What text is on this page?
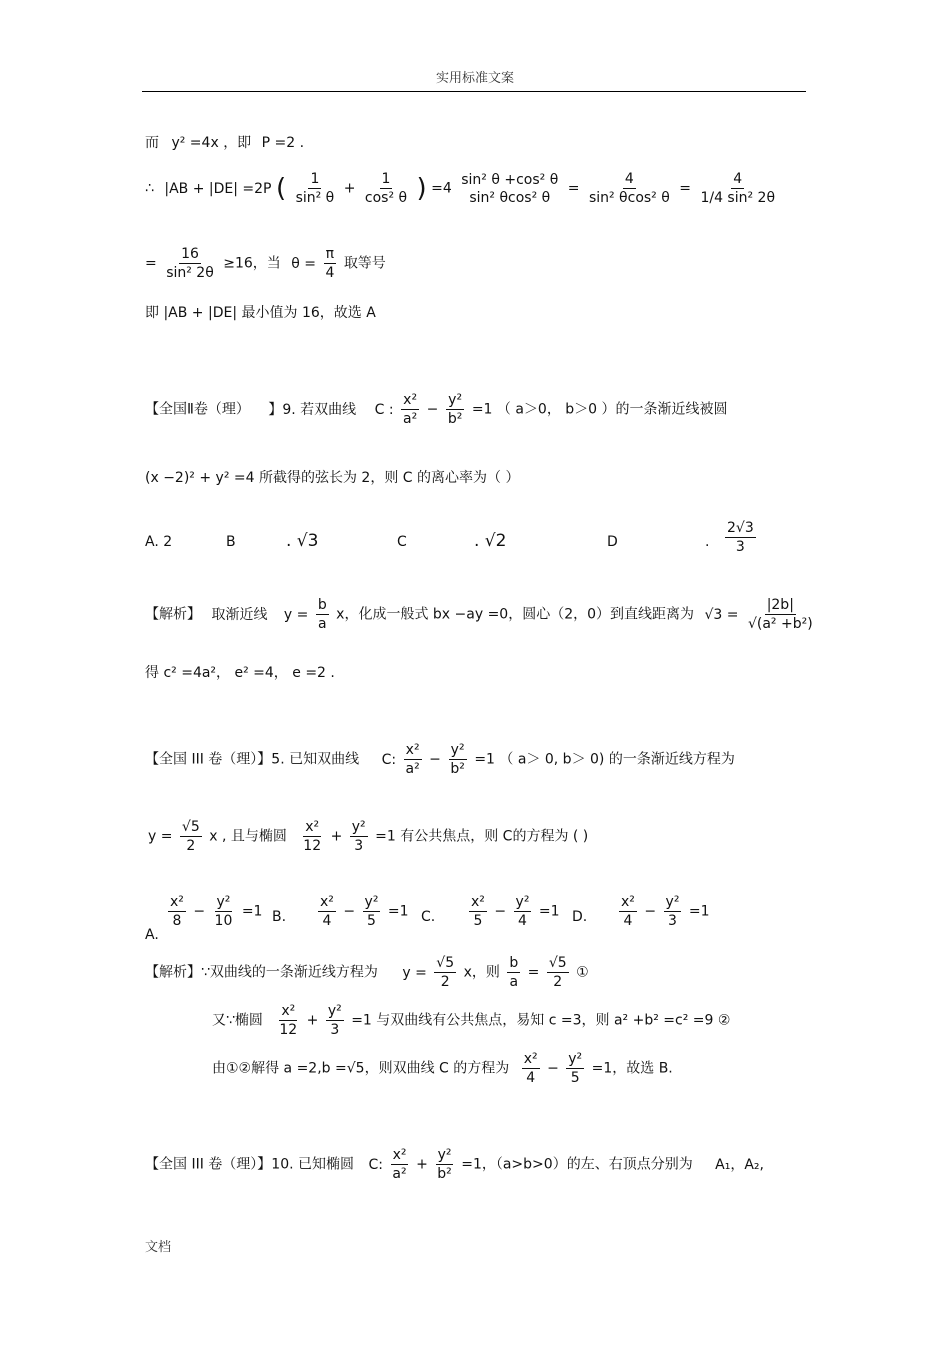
实用标准文案
而 y² =4x ，即 P =2 .
∴ |AB + |DE| =2P ( $\frac{1}{\text{sin² θ}} + \frac{1}{\text{cos² θ}}$ ) =4
sin² θ +cos² θ
sin² θcos² θ
= $\frac{4}{\text{sin² θcos² θ}} = \frac{4}{\text{1/4 sin² 2θ}}$
= $\frac{16}{\text{sin² 2θ}} \ge 16$，当 $\theta = \frac{\pi}{4}$ 取等号
即 |AB + |DE| 最小值为 16，故选 A
【全国Ⅱ卷（理） 】9. 若双曲线 C : $\frac{\text{x²}}{\text{a²}} - \frac{\text{y²}}{\text{b²}} =1$ （ a＞0， b＞0 ）的一条渐近线被圆
(x −2)² + y² =4 所截得的弦长为 2，则 C 的离心率为（ ）
A. 2	B	. √3	C	. √2	D	. $\frac{2√3}{3}$
【解析】 取渐近线 $y = \frac{b}{a}$ x，化成一般式 bx −ay =0，圆心（2，0）到直线距离为 $√3 = \frac{|2b|}{\text{√(a² +b²)}}$
得 c² =4a²， e² =4， e =2 .
【全国 III 卷（理）】5. 已知双曲线 C: $\frac{\text{x²}}{\text{a²}} - \frac{\text{y²}}{\text{b²}} =1$ （ a＞ 0, b＞ 0) 的一条渐近线方程为
$y = \frac{√5}{2}$ x , 且与椭圆 $\frac{\text{x²}}{12} + \frac{\text{y²}}{3} =1$ 有公共焦点，则 C的方程为 ( )
A.
$\frac{\text{x²}}{8} - \frac{\text{y²}}{10} =1$ B. $\frac{\text{x²}}{4} - \frac{\text{y²}}{5} =1$ C. $\frac{\text{x²}}{5} - \frac{\text{y²}}{4} =1$ D. $\frac{\text{x²}}{4} - \frac{\text{y²}}{3} =1$
【解析】∵双曲线的一条渐近线方程为 $y = \frac{√5}{2}$ x，则 $\frac{b}{a} = \frac{√5}{2}$ ①
又∵椭圆 $\frac{\text{x²}}{12} + \frac{\text{y²}}{3} =1$ 与双曲线有公共焦点，易知 c =3，则 a² +b² =c² =9 ②
由①②解得 a =2,b =√5，则双曲线 C 的方程为 $\frac{\text{x²}}{4} - \frac{\text{y²}}{5} =1$，故选 B.
【全国 III 卷（理）】10. 已知椭圆 C: $\frac{\text{x²}}{\text{a²}} + \frac{\text{y²}}{\text{b²}} =1$，（a>b>0）的左、右顶点分别为 A₁，A₂,
文档
